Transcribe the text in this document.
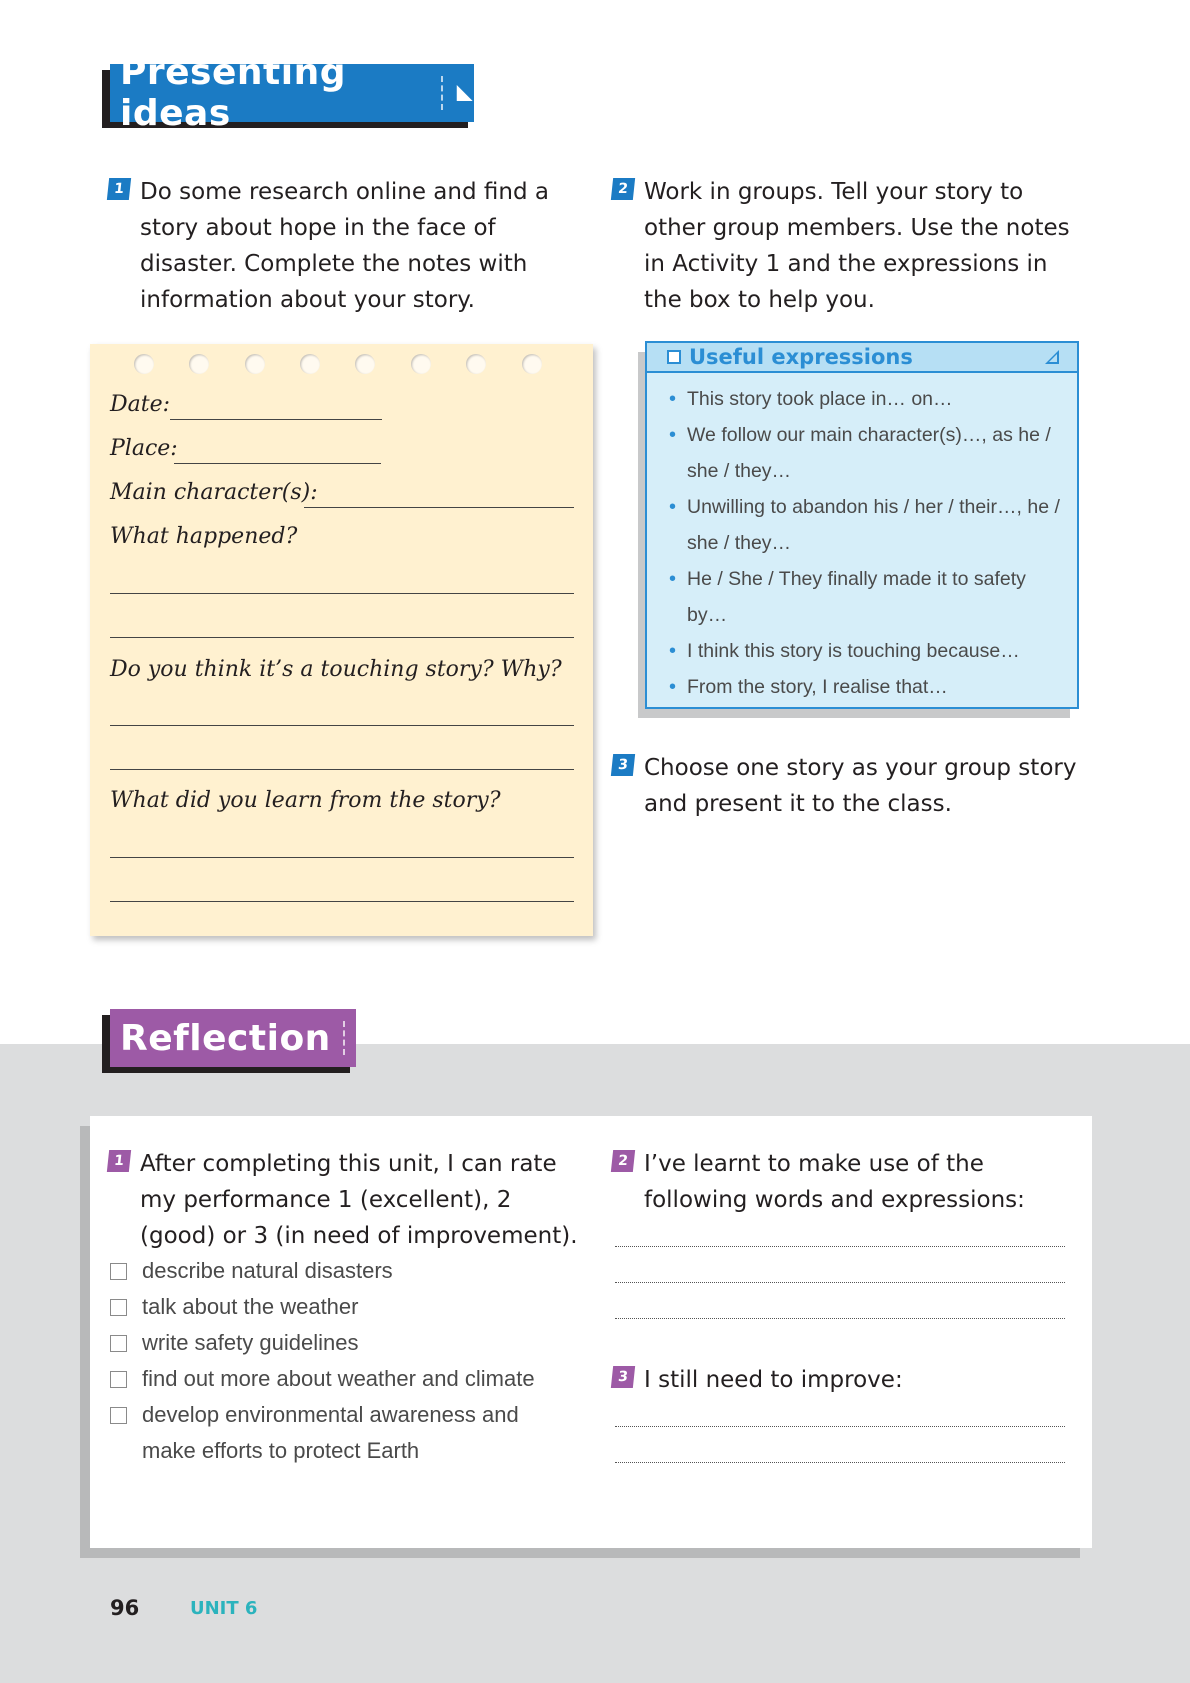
Presenting ideas
1 Do some research online and find a story about hope in the face of disaster. Complete the notes with information about your story.
2 Work in groups. Tell your story to other group members. Use the notes in Activity 1 and the expressions in the box to help you.
Date:
Place:
Main character(s):
What happened?
Do you think it’s a touching story? Why?
What did you learn from the story?
Useful expressions
• This story took place in… on…
• We follow our main character(s)…, as he / she / they…
• Unwilling to abandon his / her / their…, he / she / they…
• He / She / They finally made it to safety by…
• I think this story is touching because…
• From the story, I realise that…
3 Choose one story as your group story and present it to the class.
Reflection
1 After completing this unit, I can rate my performance 1 (excellent), 2 (good) or 3 (in need of improvement).
describe natural disasters
talk about the weather
write safety guidelines
find out more about weather and climate
develop environmental awareness and make efforts to protect Earth
2 I’ve learnt to make use of the following words and expressions:
3 I still need to improve:
96	UNIT 6
